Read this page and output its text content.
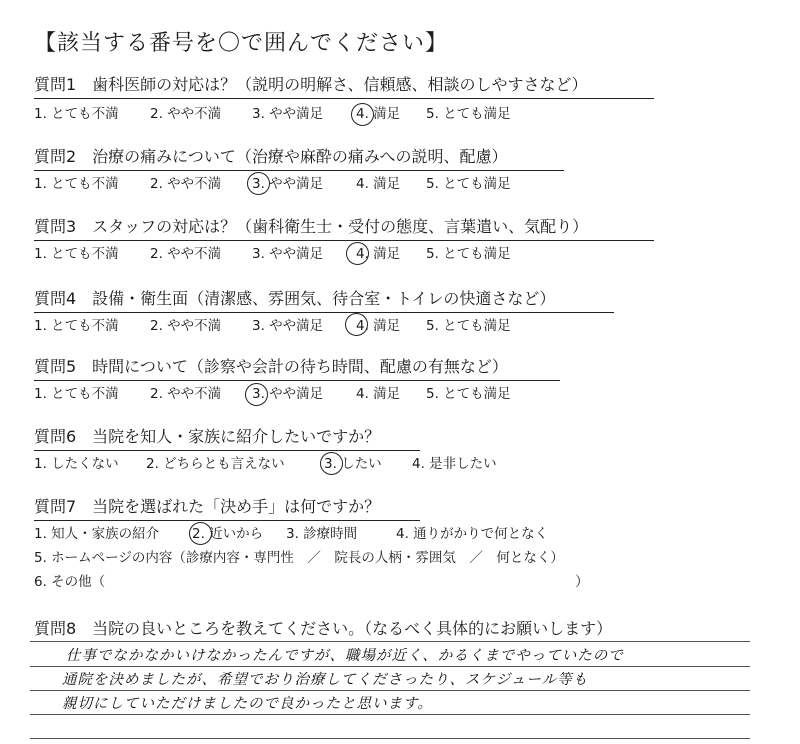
【該当する番号を〇で囲んでください】
質問1　歯科医師の対応は？（説明の明解さ、信頼感、相談のしやすさなど）
1. とても不満 2. やや不満 3. やや満足 4. 満足 5. とても満足
質問2　治療の痛みについて（治療や麻酔の痛みへの説明、配慮）
1. とても不満 2. やや不満 3. やや満足 4. 満足 5. とても満足
質問3　スタッフの対応は？（歯科衛生士・受付の態度、言葉遣い、気配り）
1. とても不満 2. やや不満 3. やや満足 4. 満足 5. とても満足
質問4　設備・衛生面（清潔感、雰囲気、待合室・トイレの快適さなど）
1. とても不満 2. やや不満 3. やや満足 4. 満足 5. とても満足
質問5　時間について（診察や会計の待ち時間、配慮の有無など）
1. とても不満 2. やや不満 3. やや満足 4. 満足 5. とても満足
質問6　当院を知人・家族に紹介したいですか？
1. したくない 2. どちらとも言えない	3. したい 4. 是非したい
質問7　当院を選ばれた「決め手」は何ですか？
1. 知人・家族の紹介 2. 近いから 3. 診療時間	4. 通りがかりで何となく
5. ホームページの内容（診療内容・専門性　／　院長の人柄・雰囲気　／　何となく）
6. その他（	）
質問8　当院の良いところを教えてください。（なるべく具体的にお願いします）
仕事でなかなかいけなかったんですが、職場が近く、かるくまでやっていたので
通院を決めましたが、希望でおり治療してくださったり、スケジュール等も
親切にしていただけましたので良かったと思います。
